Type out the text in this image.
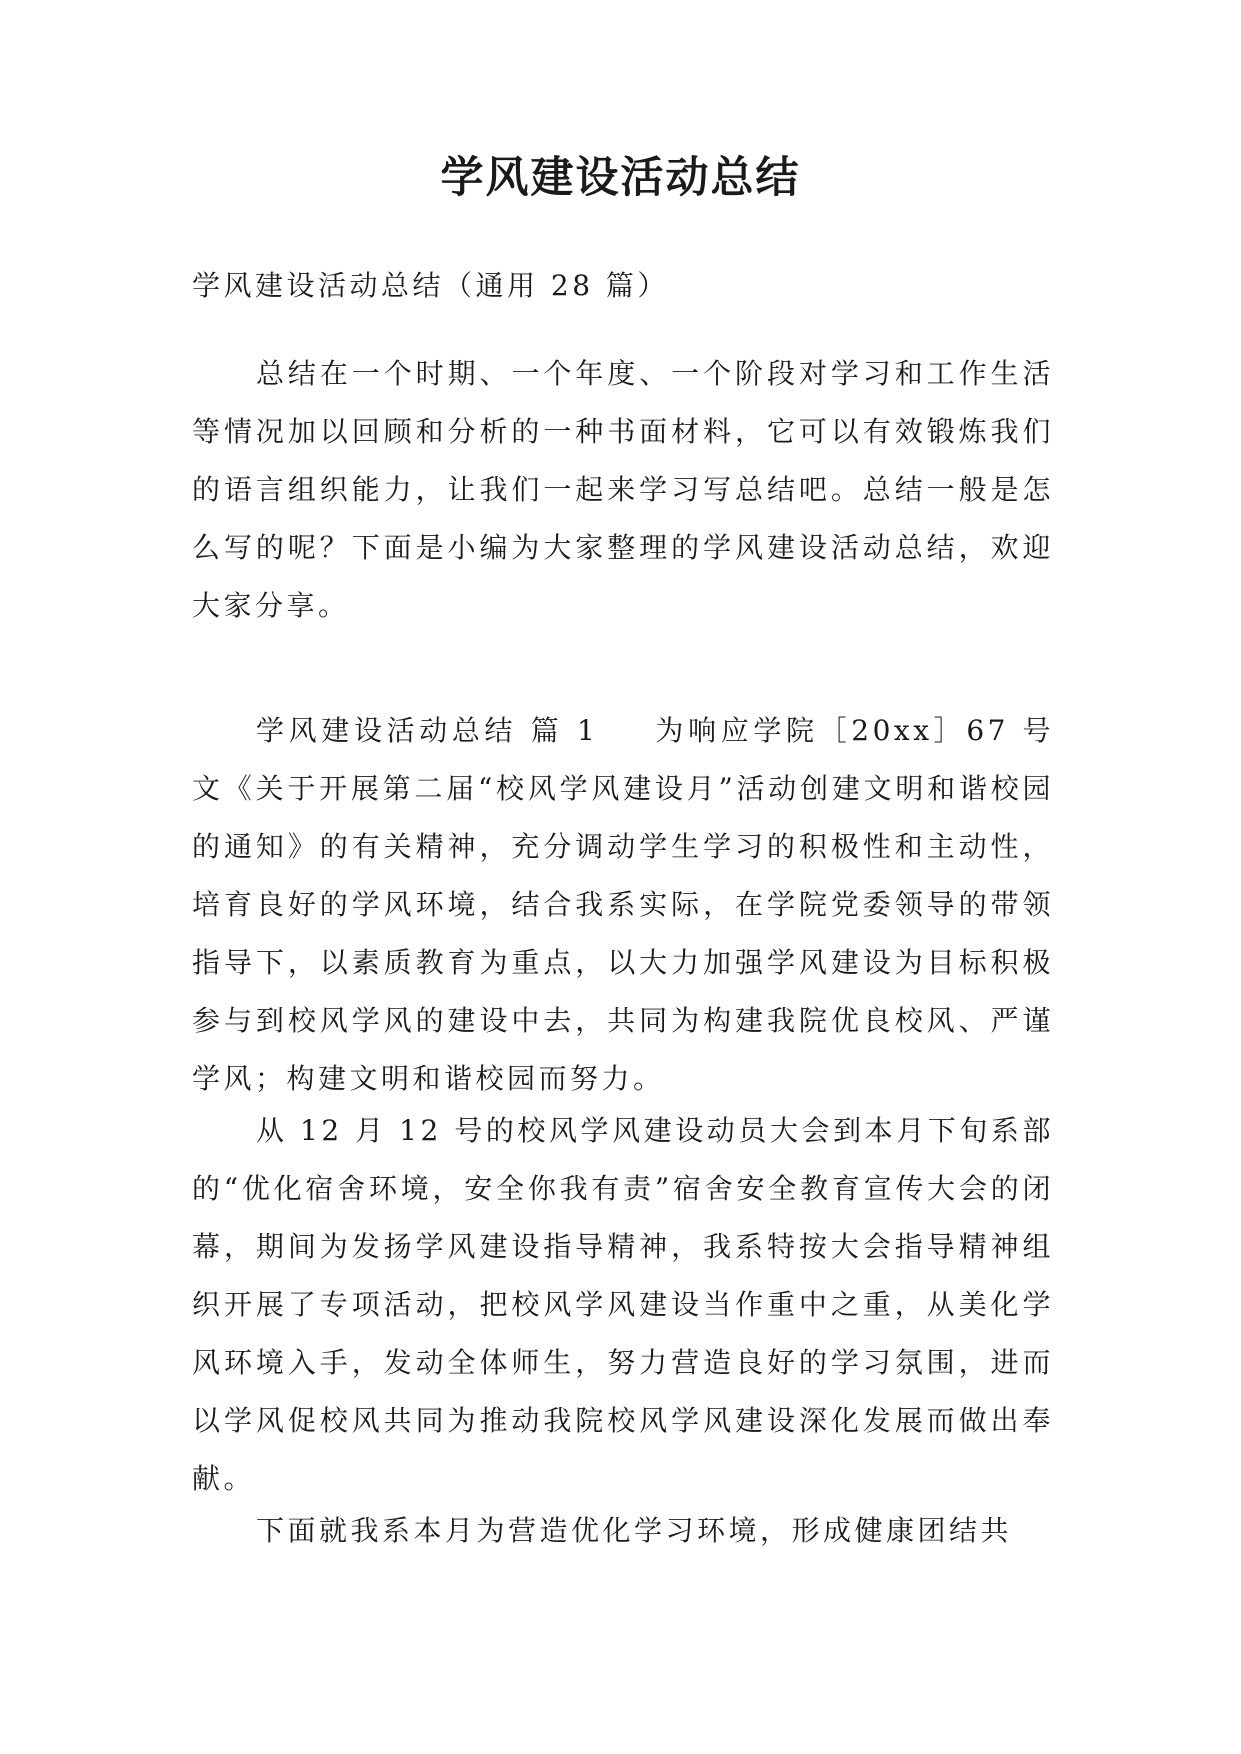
学风建设活动总结

学风建设活动总结（通用 28 篇）

总结在一个时期、一个年度、一个阶段对学习和工作生活等情况加以回顾和分析的一种书面材料，它可以有效锻炼我们的语言组织能力，让我们一起来学习写总结吧。总结一般是怎么写的呢？下面是小编为大家整理的学风建设活动总结，欢迎大家分享。

学风建设活动总结 篇 1 为响应学院［20xx］67 号文《关于开展第二届“校风学风建设月”活动创建文明和谐校园的通知》的有关精神，充分调动学生学习的积极性和主动性，培育良好的学风环境，结合我系实际，在学院党委领导的带领指导下，以素质教育为重点，以大力加强学风建设为目标积极参与到校风学风的建设中去，共同为构建我院优良校风、严谨学风；构建文明和谐校园而努力。

从 12 月 12 号的校风学风建设动员大会到本月下旬系部的“优化宿舍环境，安全你我有责”宿舍安全教育宣传大会的闭幕，期间为发扬学风建设指导精神，我系特按大会指导精神组织开展了专项活动，把校风学风建设当作重中之重，从美化学风环境入手，发动全体师生，努力营造良好的学习氛围，进而以学风促校风共同为推动我院校风学风建设深化发展而做出奉献。

下面就我系本月为营造优化学习环境，形成健康团结共
